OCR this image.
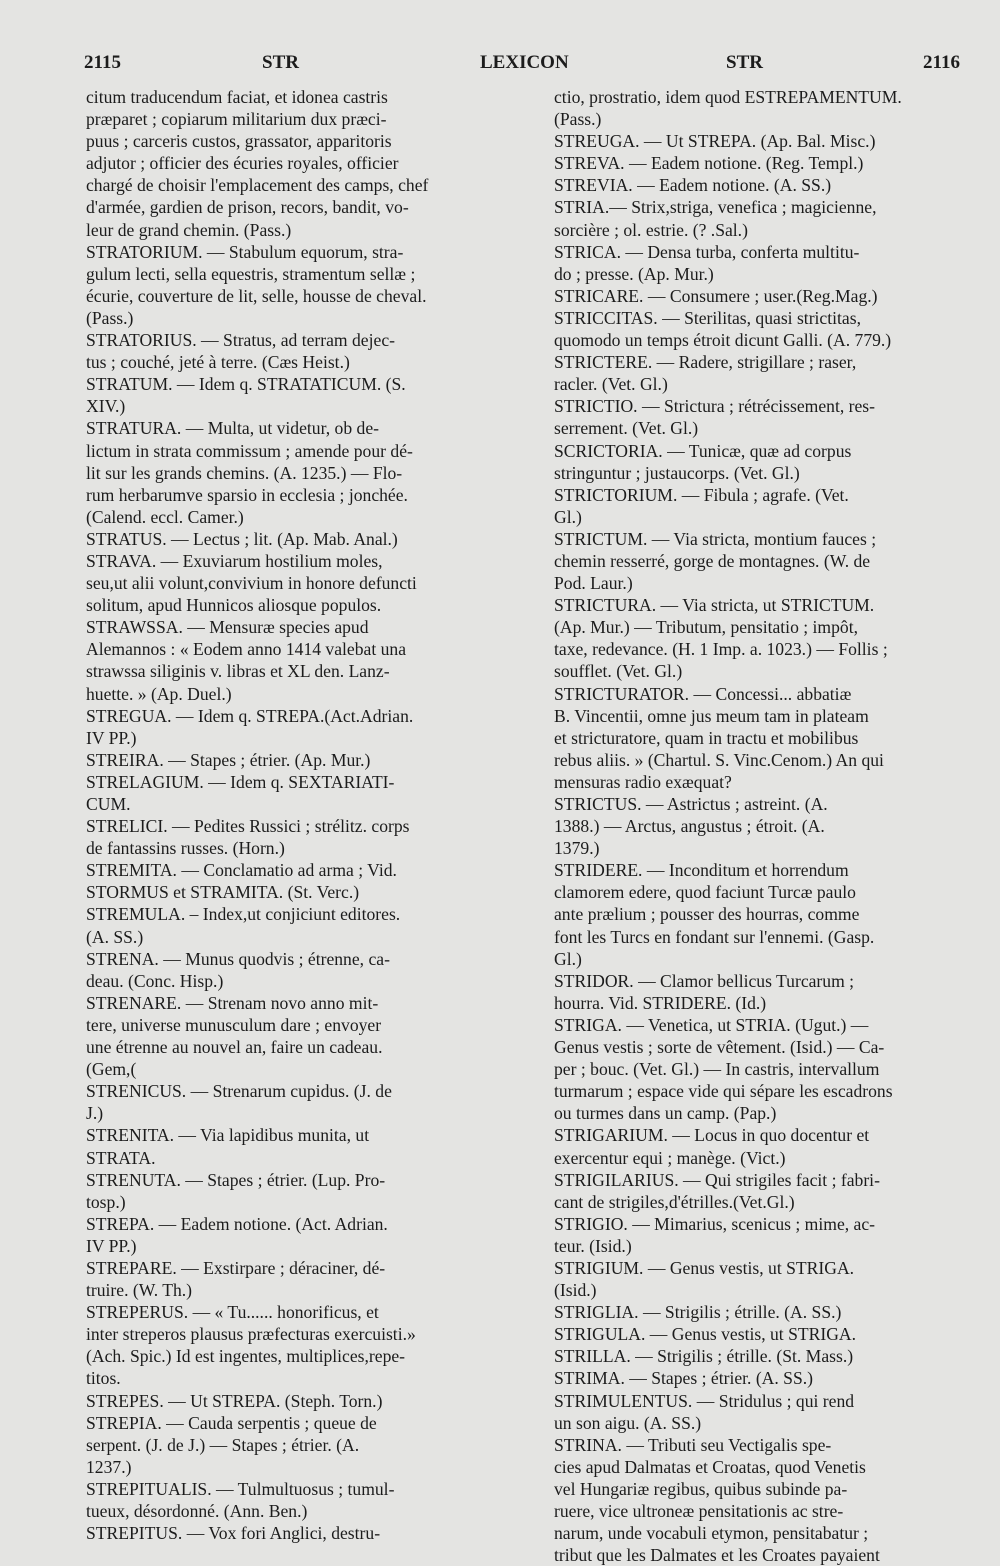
2115	STR	LEXICON	STR	2116
citum traducendum faciat, et idonea castris
præparet ; copiarum militarium dux præci-
puus ; carceris custos, grassator, apparitoris
adjutor ; officier des écuries royales, officier
chargé de choisir l'emplacement des camps, chef
d'armée, gardien de prison, recors, bandit, vo-
leur de grand chemin. (Pass.)
STRATORIUM. — Stabulum equorum, stra-
gulum lecti, sella equestris, stramentum sellæ ;
écurie, couverture de lit, selle, housse de cheval.
(Pass.)
STRATORIUS. — Stratus, ad terram dejec-
tus ; couché, jeté à terre. (Cæs Heist.)
STRATUM. — Idem q. STRATATICUM. (S.
XIV.)
STRATURA. — Multa, ut videtur, ob de-
lictum in strata commissum ; amende pour dé-
lit sur les grands chemins. (A. 1235.) — Flo-
rum herbarumve sparsio in ecclesia ; jonchée.
(Calend. eccl. Camer.)
STRATUS. — Lectus ; lit. (Ap. Mab. Anal.)
STRAVA. — Exuviarum hostilium moles,
seu,ut alii volunt,convivium in honore defuncti
solitum, apud Hunnicos aliosque populos.
STRAWSSA. — Mensuræ species apud
Alemannos : « Eodem anno 1414 valebat una
strawssa siliginis v. libras et XL den. Lanz-
huette. » (Ap. Duel.)
STREGUA. — Idem q. STREPA.(Act.Adrian.
IV PP.)
STREIRA. — Stapes ; étrier. (Ap. Mur.)
STRELAGIUM. — Idem q. SEXTARIATI-
CUM.
STRELICI. — Pedites Russici ; strélitz. corps
de fantassins russes. (Horn.)
STREMITA. — Conclamatio ad arma ; Vid.
STORMUS et STRAMITA. (St. Verc.)
STREMULA. – Index,ut conjiciunt editores.
(A. SS.)
STRENA. — Munus quodvis ; étrenne, ca-
deau. (Conc. Hisp.)
STRENARE. — Strenam novo anno mit-
tere, universe munusculum dare ; envoyer
une étrenne au nouvel an, faire un cadeau.
(Gem,(
STRENICUS. — Strenarum cupidus. (J. de
J.)
STRENITA. — Via lapidibus munita, ut
STRATA.
STRENUTA. — Stapes ; étrier. (Lup. Pro-
tosp.)
STREPA. — Eadem notione. (Act. Adrian.
IV PP.)
STREPARE. — Exstirpare ; déraciner, dé-
truire. (W. Th.)
STREPERUS. — « Tu...... honorificus, et
inter streperos plausus præfecturas exercuisti.»
(Ach. Spic.) Id est ingentes, multiplices,repe-
titos.
STREPES. — Ut STREPA. (Steph. Torn.)
STREPIA. — Cauda serpentis ; queue de
serpent. (J. de J.) — Stapes ; étrier. (A.
1237.)
STREPITUALIS. — Tulmultuosus ; tumul-
tueux, désordonné. (Ann. Ben.)
STREPITUS. — Vox fori Anglici, destru-
ctio, prostratio, idem quod ESTREPAMENTUM.
(Pass.)
STREUGA. — Ut STREPA. (Ap. Bal. Misc.)
STREVA. — Eadem notione. (Reg. Templ.)
STREVIA. — Eadem notione. (A. SS.)
STRIA.— Strix,striga, venefica ; magicienne,
sorcière ; ol. estrie. (? .Sal.)
STRICA. — Densa turba, conferta multitu-
do ; presse. (Ap. Mur.)
STRICARE. — Consumere ; user.(Reg.Mag.)
STRICCITAS. — Sterilitas, quasi strictitas,
quomodo un temps étroit dicunt Galli. (A. 779.)
STRICTERE. — Radere, strigillare ; raser,
racler. (Vet. Gl.)
STRICTIO. — Strictura ; rétrécissement, res-
serrement. (Vet. Gl.)
SCRICTORIA. — Tunicæ, quæ ad corpus
stringuntur ; justaucorps. (Vet. Gl.)
STRICTORIUM. — Fibula ; agrafe. (Vet.
Gl.)
STRICTUM. — Via stricta, montium fauces ;
chemin resserré, gorge de montagnes. (W. de
Pod. Laur.)
STRICTURA. — Via stricta, ut STRICTUM.
(Ap. Mur.) — Tributum, pensitatio ; impôt,
taxe, redevance. (H. 1 Imp. a. 1023.) — Follis ;
soufflet. (Vet. Gl.)
STRICTURATOR. — Concessi... abbatiæ
B. Vincentii, omne jus meum tam in plateam
et stricturatore, quam in tractu et mobilibus
rebus aliis. » (Chartul. S. Vinc.Cenom.) An qui
mensuras radio exæquat?
STRICTUS. — Astrictus ; astreint. (A.
1388.) — Arctus, angustus ; étroit. (A.
1379.)
STRIDERE. — Inconditum et horrendum
clamorem edere, quod faciunt Turcæ paulo
ante prælium ; pousser des hourras, comme
font les Turcs en fondant sur l'ennemi. (Gasp.
Gl.)
STRIDOR. — Clamor bellicus Turcarum ;
hourra. Vid. STRIDERE. (Id.)
STRIGA. — Venetica, ut STRIA. (Ugut.) —
Genus vestis ; sorte de vêtement. (Isid.) — Ca-
per ; bouc. (Vet. Gl.) — In castris, intervallum
turmarum ; espace vide qui sépare les escadrons
ou turmes dans un camp. (Pap.)
STRIGARIUM. — Locus in quo docentur et
exercentur equi ; manège. (Vict.)
STRIGILARIUS. — Qui strigiles facit ; fabri-
cant de strigiles,d'étrilles.(Vet.Gl.)
STRIGIO. — Mimarius, scenicus ; mime, ac-
teur. (Isid.)
STRIGIUM. — Genus vestis, ut STRIGA.
(Isid.)
STRIGLIA. — Strigilis ; étrille. (A. SS.)
STRIGULA. — Genus vestis, ut STRIGA.
STRILLA. — Strigilis ; étrille. (St. Mass.)
STRIMA. — Stapes ; étrier. (A. SS.)
STRIMULENTUS. — Stridulus ; qui rend
un son aigu. (A. SS.)
STRINA. — Tributi seu Vectigalis spe-
cies apud Dalmatas et Croatas, quod Venetis
vel Hungariæ regibus, quibus subinde pa-
ruere, vice ultroneæ pensitationis ac stre-
narum, unde vocabuli etymon, pensitabatur ;
tribut que les Dalmates et les Croates payaient
